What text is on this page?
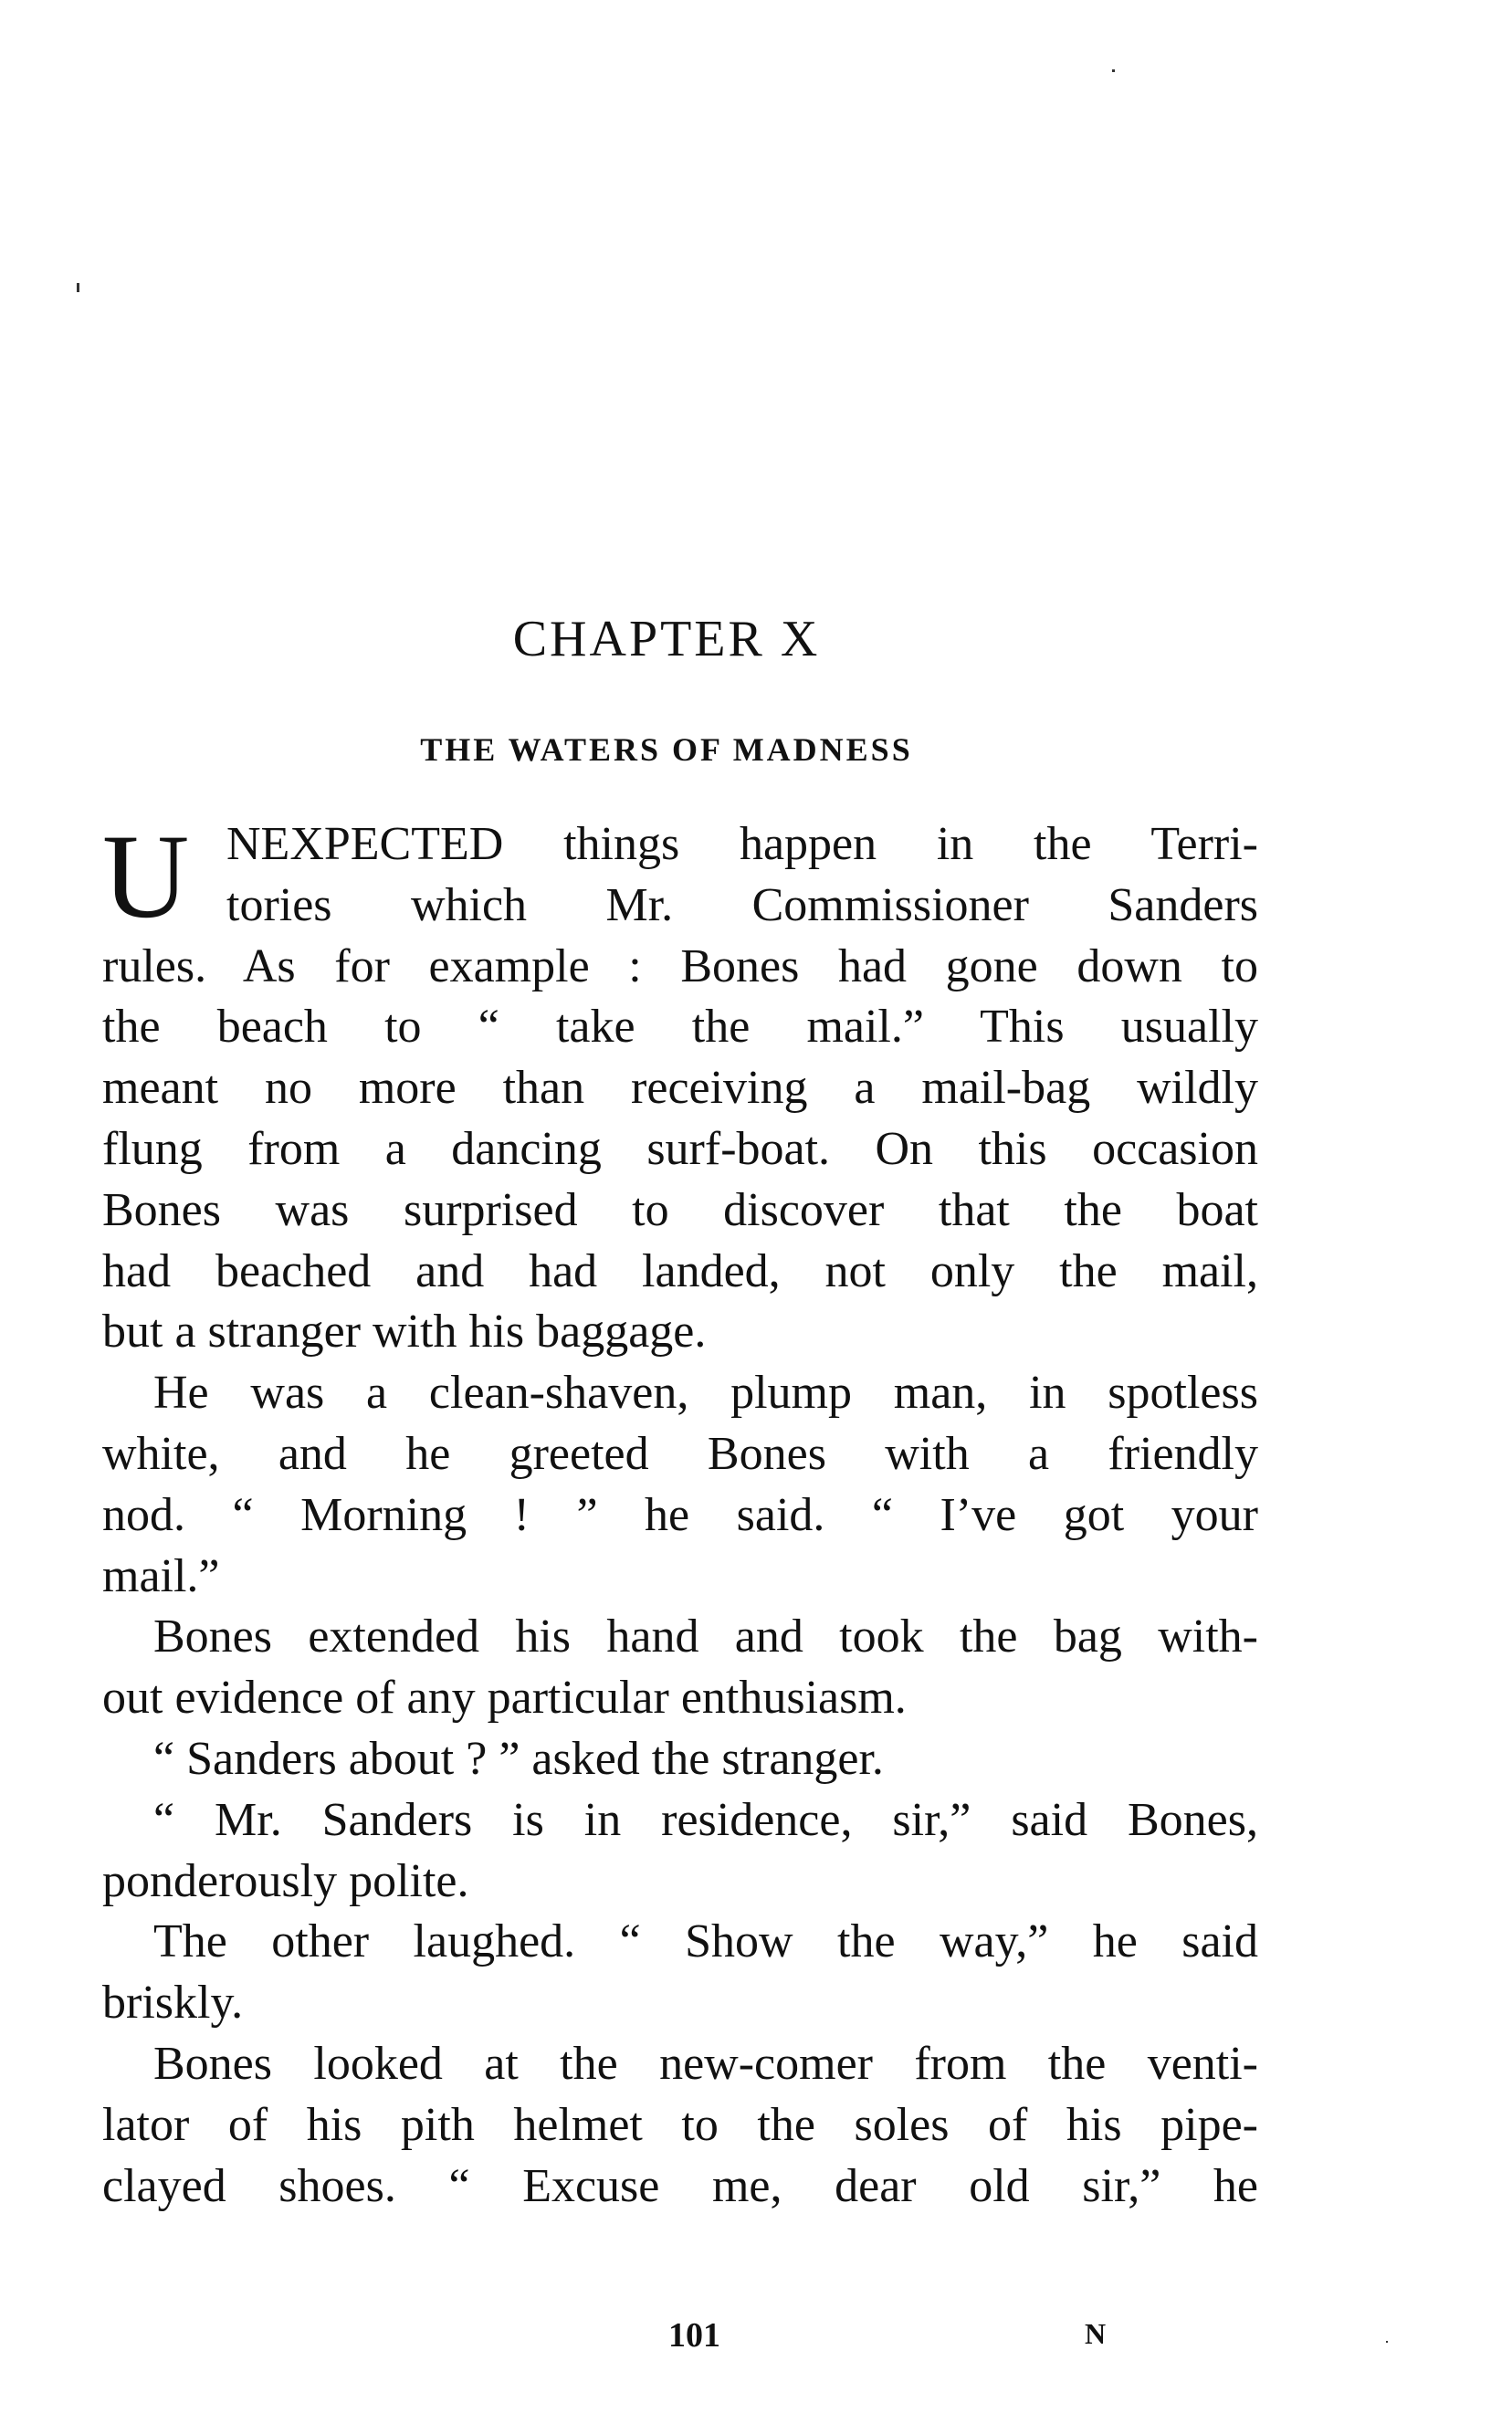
CHAPTER X
THE WATERS OF MADNESS
U NEXPECTED things happen in the Terri-
tories which Mr. Commissioner Sanders
rules. As for example : Bones had gone down to
the beach to “ take the mail.” This usually
meant no more than receiving a mail-bag wildly
flung from a dancing surf-boat. On this occasion
Bones was surprised to discover that the boat
had beached and had landed, not only the mail,
but a stranger with his baggage.
He was a clean-shaven, plump man, in spotless
white, and he greeted Bones with a friendly
nod. “ Morning ! ” he said. “ I’ve got your
mail.”
Bones extended his hand and took the bag with-
out evidence of any particular enthusiasm.
“ Sanders about ? ” asked the stranger.
“ Mr. Sanders is in residence, sir,” said Bones,
ponderously polite.
The other laughed. “ Show the way,” he said
briskly.
Bones looked at the new-comer from the venti-
lator of his pith helmet to the soles of his pipe-
clayed shoes. “ Excuse me, dear old sir,” he
101	N
